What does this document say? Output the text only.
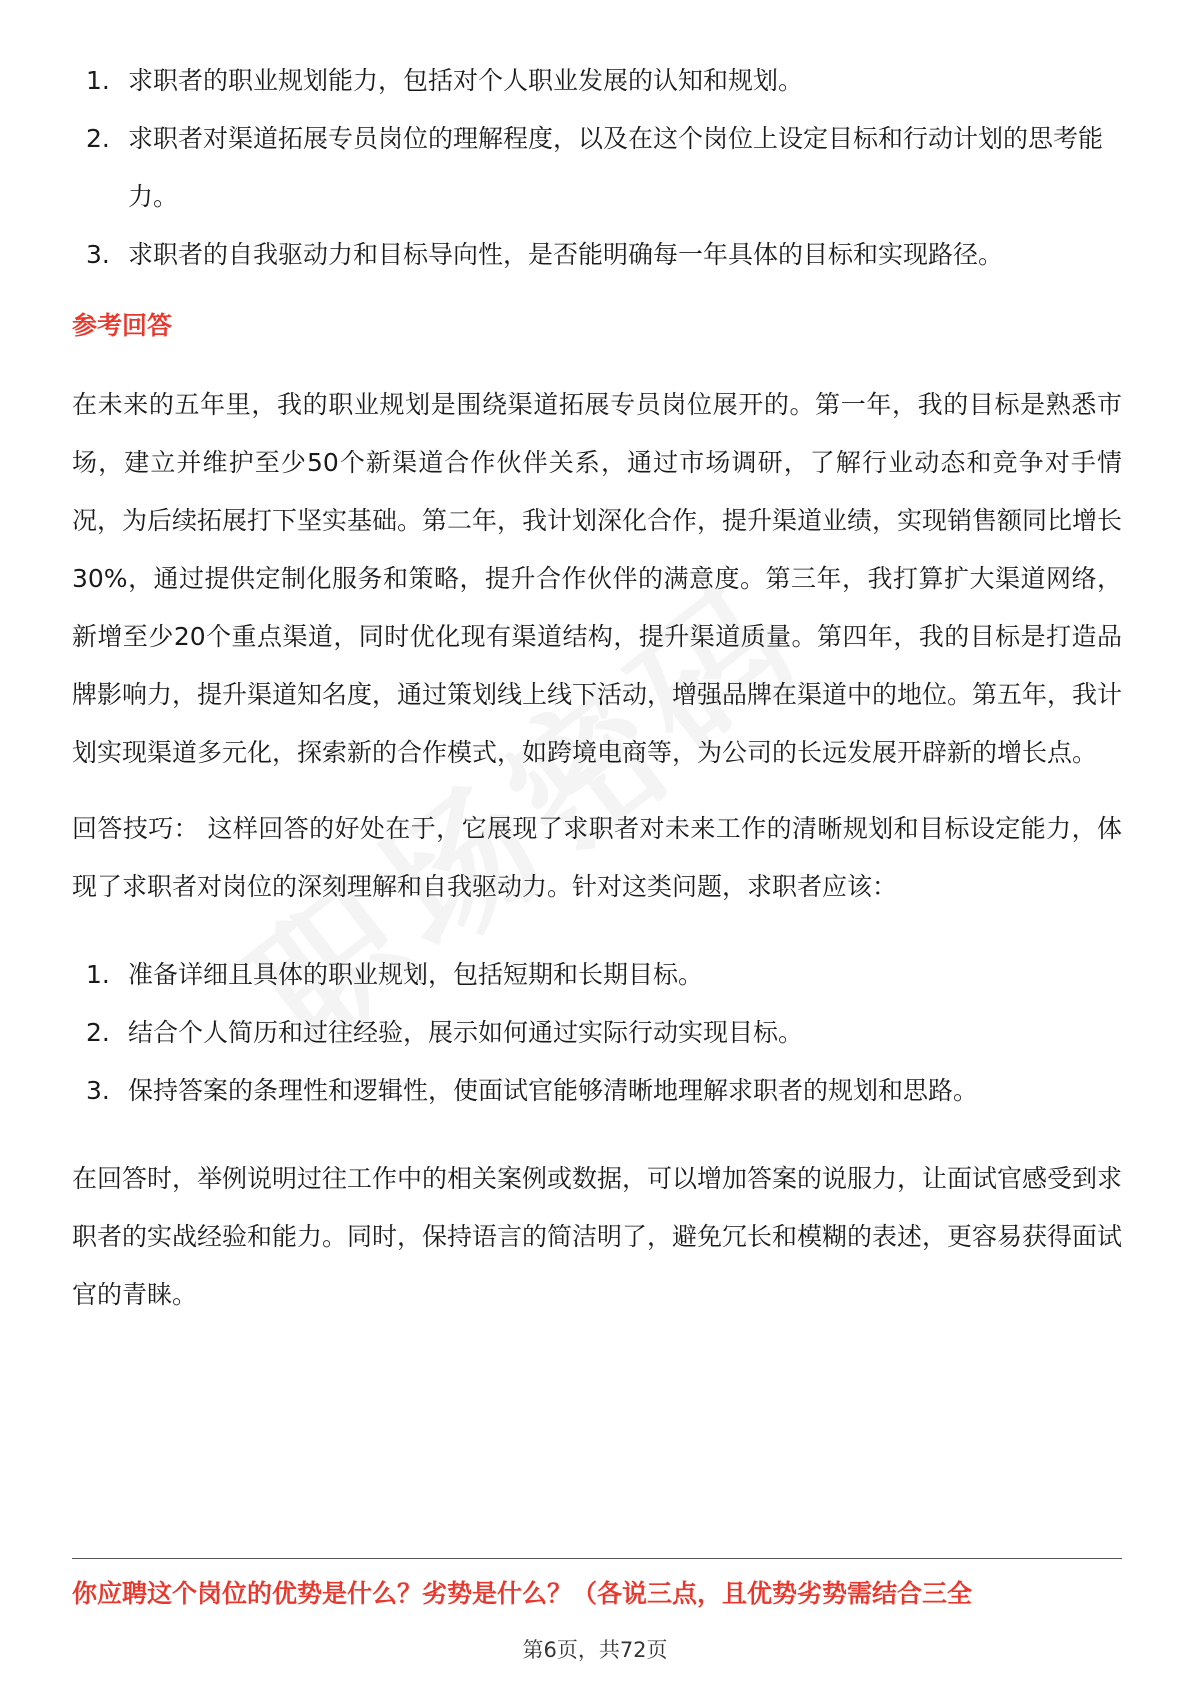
1. 求职者的职业规划能力，包括对个人职业发展的认知和规划。
2. 求职者对渠道拓展专员岗位的理解程度，以及在这个岗位上设定目标和行动计划的思考能力。
3. 求职者的自我驱动力和目标导向性，是否能明确每一年具体的目标和实现路径。
参考回答

在未来的五年里，我的职业规划是围绕渠道拓展专员岗位展开的。第一年，我的目标是熟悉市场，建立并维护至少50个新渠道合作伙伴关系，通过市场调研，了解行业动态和竞争对手情况，为后续拓展打下坚实基础。第二年，我计划深化合作，提升渠道业绩，实现销售额同比增长30%，通过提供定制化服务和策略，提升合作伙伴的满意度。第三年，我打算扩大渠道网络，新增至少20个重点渠道，同时优化现有渠道结构，提升渠道质量。第四年，我的目标是打造品牌影响力，提升渠道知名度，通过策划线上线下活动，增强品牌在渠道中的地位。第五年，我计划实现渠道多元化，探索新的合作模式，如跨境电商等，为公司的长远发展开辟新的增长点。

回答技巧： 这样回答的好处在于，它展现了求职者对未来工作的清晰规划和目标设定能力，体现了求职者对岗位的深刻理解和自我驱动力。针对这类问题，求职者应该：

1. 准备详细且具体的职业规划，包括短期和长期目标。
2. 结合个人简历和过往经验，展示如何通过实际行动实现目标。
3. 保持答案的条理性和逻辑性，使面试官能够清晰地理解求职者的规划和思路。

在回答时，举例说明过往工作中的相关案例或数据，可以增加答案的说服力，让面试官感受到求职者的实战经验和能力。同时，保持语言的简洁明了，避免冗长和模糊的表述，更容易获得面试官的青睐。

你应聘这个岗位的优势是什么？劣势是什么？（各说三点，且优势劣势需结合三全
第6页，共72页
